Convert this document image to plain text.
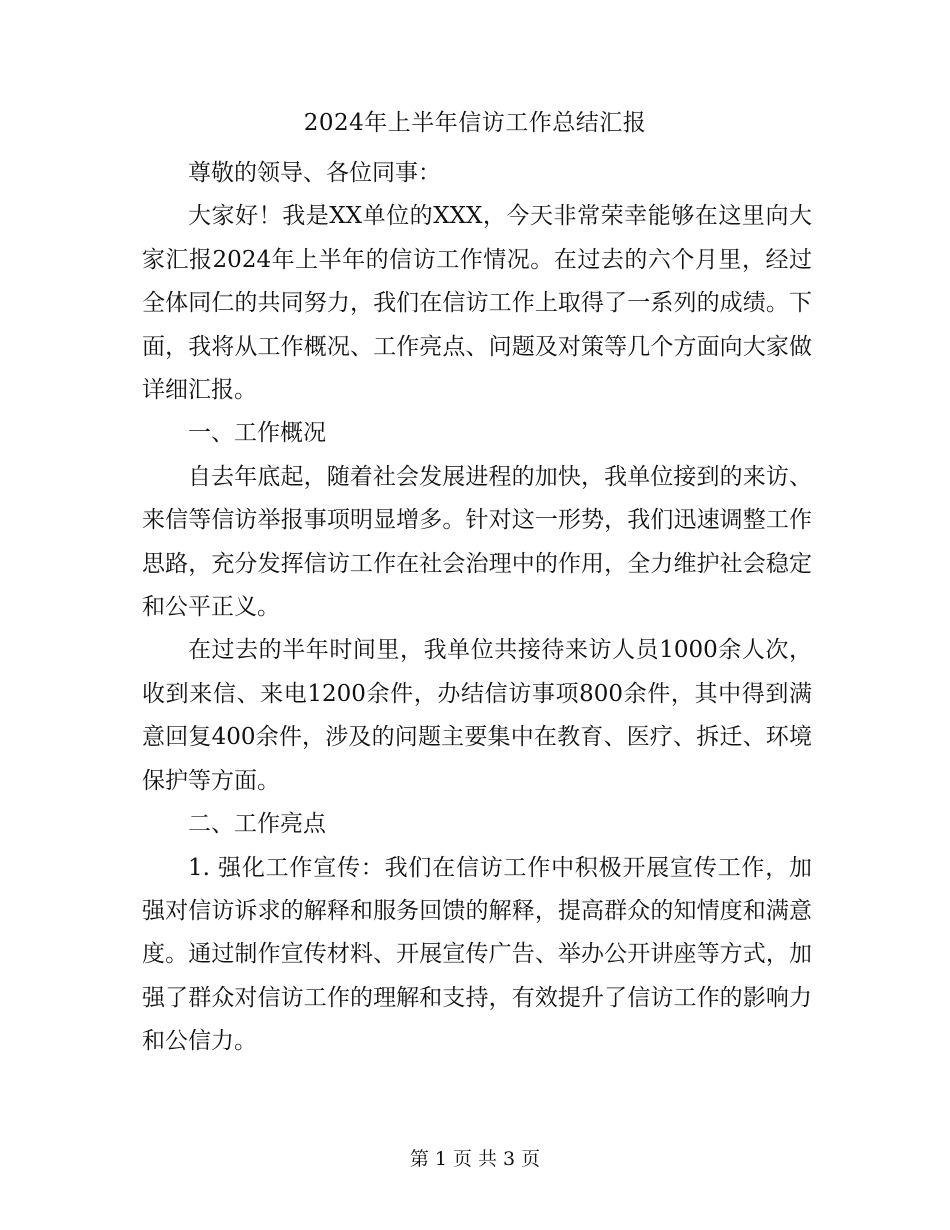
2024年上半年信访工作总结汇报

尊敬的领导、各位同事：

大家好！我是XX单位的XXX，今天非常荣幸能够在这里向大家汇报2024年上半年的信访工作情况。在过去的六个月里，经过全体同仁的共同努力，我们在信访工作上取得了一系列的成绩。下面，我将从工作概况、工作亮点、问题及对策等几个方面向大家做详细汇报。

一、工作概况

自去年底起，随着社会发展进程的加快，我单位接到的来访、来信等信访举报事项明显增多。针对这一形势，我们迅速调整工作思路，充分发挥信访工作在社会治理中的作用，全力维护社会稳定和公平正义。

在过去的半年时间里，我单位共接待来访人员1000余人次，收到来信、来电1200余件，办结信访事项800余件，其中得到满意回复400余件，涉及的问题主要集中在教育、医疗、拆迁、环境保护等方面。

二、工作亮点

1. 强化工作宣传：我们在信访工作中积极开展宣传工作，加强对信访诉求的解释和服务回馈的解释，提高群众的知情度和满意度。通过制作宣传材料、开展宣传广告、举办公开讲座等方式，加强了群众对信访工作的理解和支持，有效提升了信访工作的影响力和公信力。

第 1 页 共 3 页
